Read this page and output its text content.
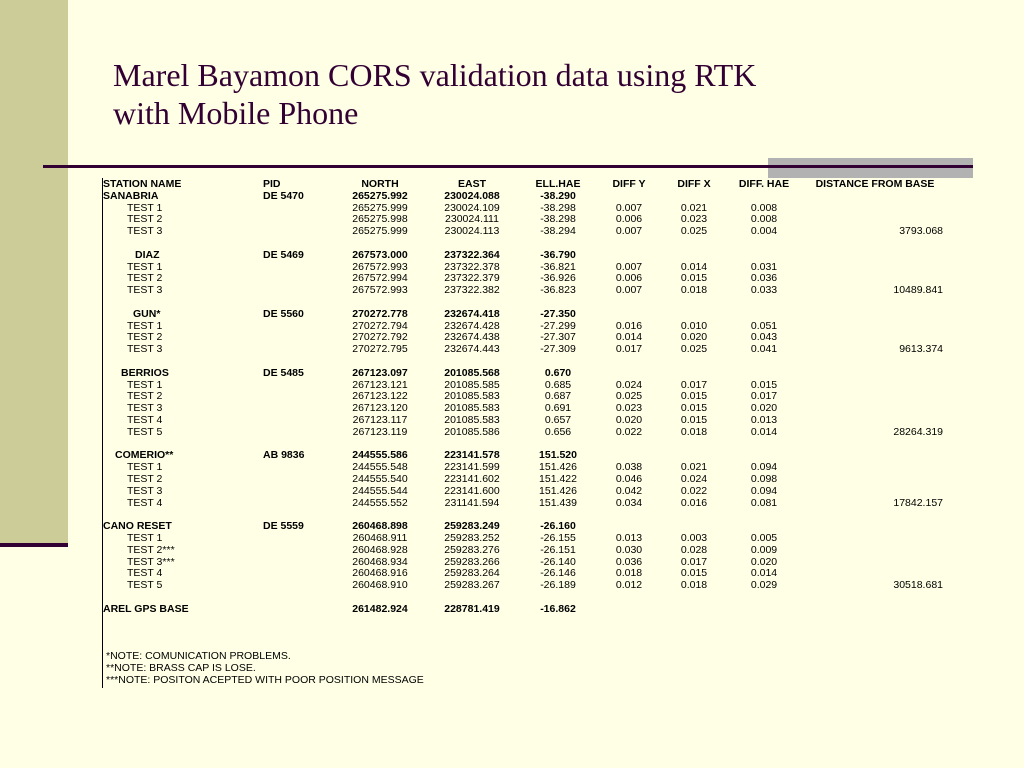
Marel Bayamon CORS validation data using RTK
with Mobile Phone
STATION NAME	PID	NORTH	EAST	ELL.HAE	DIFF Y	DIFF X	DIFF. HAE	DISTANCE FROM BASE
SANABRIA	DE 5470	265275.992	230024.088	-38.290				
TEST 1		265275.999	230024.109	-38.298	0.007	0.021	0.008	
TEST 2		265275.998	230024.111	-38.298	0.006	0.023	0.008	
TEST 3		265275.999	230024.113	-38.294	0.007	0.025	0.004	3793.068

DIAZ	DE 5469	267573.000	237322.364	-36.790				
TEST 1		267572.993	237322.378	-36.821	0.007	0.014	0.031	
TEST 2		267572.994	237322.379	-36.926	0.006	0.015	0.036	
TEST 3		267572.993	237322.382	-36.823	0.007	0.018	0.033	10489.841

GUN*	DE 5560	270272.778	232674.418	-27.350				
TEST 1		270272.794	232674.428	-27.299	0.016	0.010	0.051	
TEST 2		270272.792	232674.438	-27.307	0.014	0.020	0.043	
TEST 3		270272.795	232674.443	-27.309	0.017	0.025	0.041	9613.374

BERRIOS	DE 5485	267123.097	201085.568	0.670				
TEST 1		267123.121	201085.585	0.685	0.024	0.017	0.015	
TEST 2		267123.122	201085.583	0.687	0.025	0.015	0.017	
TEST 3		267123.120	201085.583	0.691	0.023	0.015	0.020	
TEST 4		267123.117	201085.583	0.657	0.020	0.015	0.013	
TEST 5		267123.119	201085.586	0.656	0.022	0.018	0.014	28264.319

COMERIO**	AB 9836	244555.586	223141.578	151.520				
TEST 1		244555.548	223141.599	151.426	0.038	0.021	0.094	
TEST 2		244555.540	223141.602	151.422	0.046	0.024	0.098	
TEST 3		244555.544	223141.600	151.426	0.042	0.022	0.094	
TEST 4		244555.552	231141.594	151.439	0.034	0.016	0.081	17842.157

CANO RESET	DE 5559	260468.898	259283.249	-26.160				
TEST 1		260468.911	259283.252	-26.155	0.013	0.003	0.005	
TEST 2***		260468.928	259283.276	-26.151	0.030	0.028	0.009	
TEST 3***		260468.934	259283.266	-26.140	0.036	0.017	0.020	
TEST 4		260468.916	259283.264	-26.146	0.018	0.015	0.014	
TEST 5		260468.910	259283.267	-26.189	0.012	0.018	0.029	30518.681

AREL GPS BASE		261482.924	228781.419	-16.862				
*NOTE: COMUNICATION PROBLEMS.
**NOTE: BRASS CAP IS LOSE.
***NOTE: POSITON ACEPTED WITH POOR POSITION MESSAGE
